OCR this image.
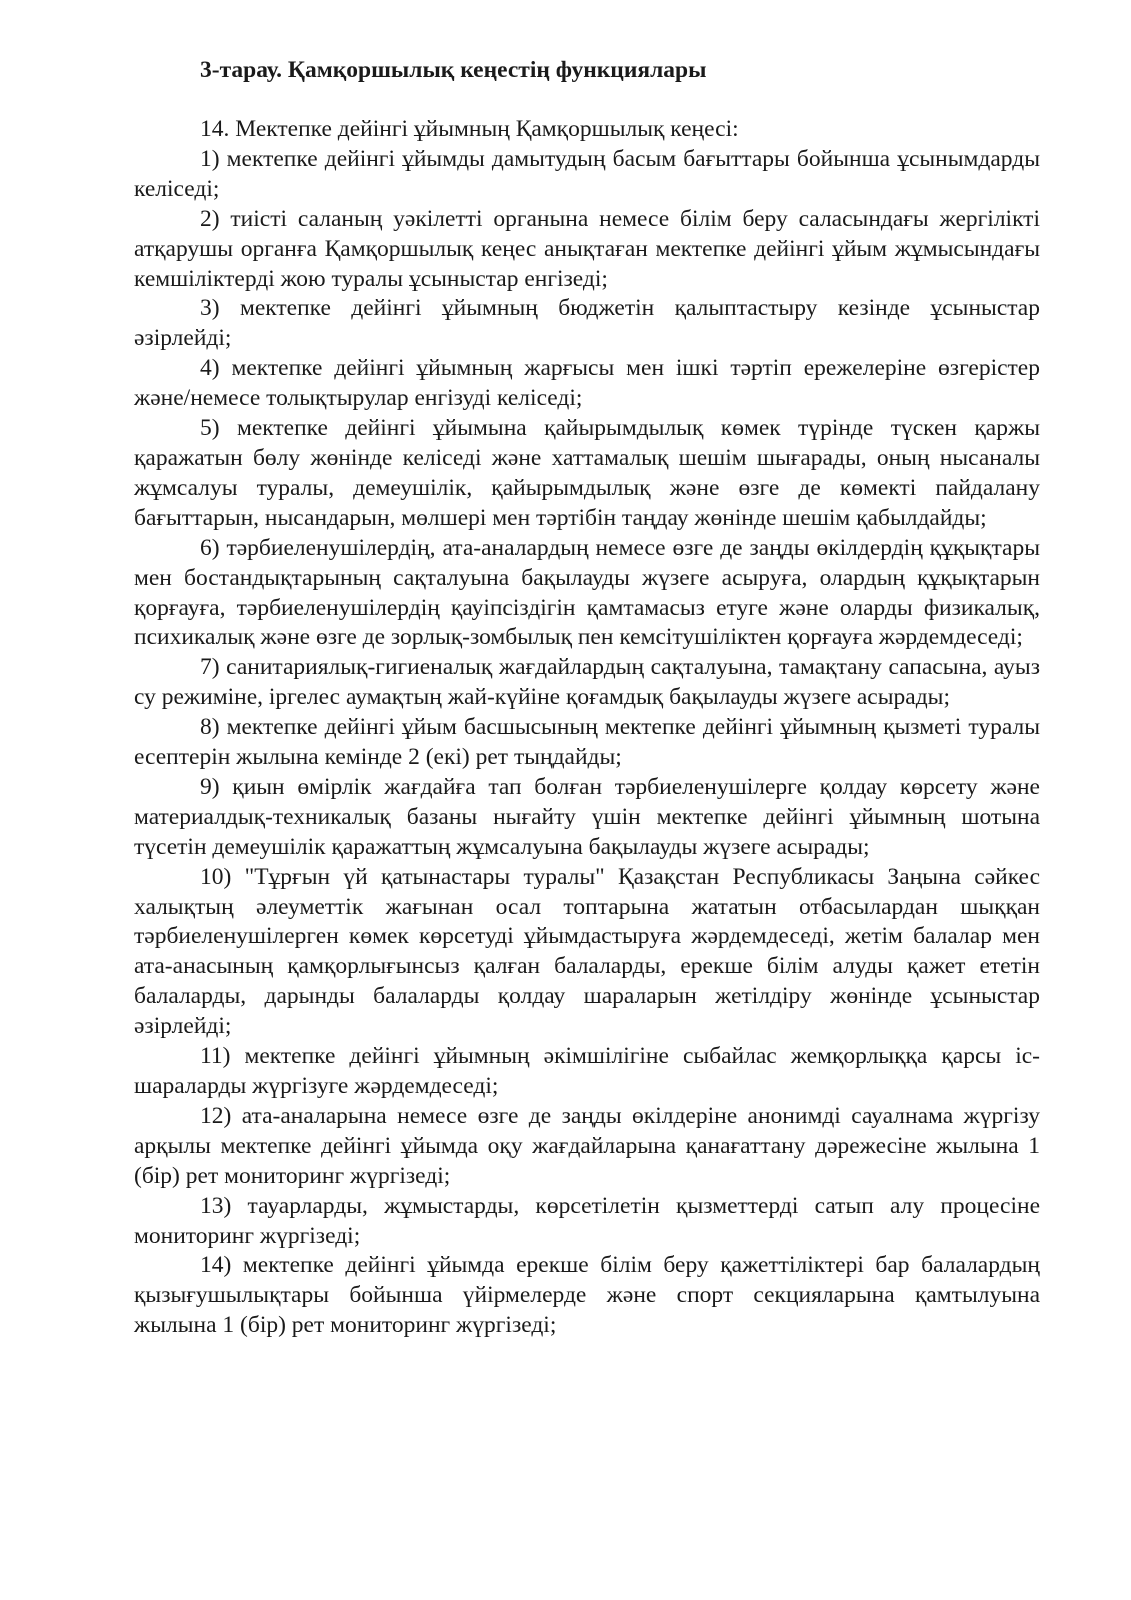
3-тарау. Қамқоршылық кеңестің функциялары

14. Мектепке дейінгі ұйымның Қамқоршылық кеңесі:

1) мектепке дейінгі ұйымды дамытудың басым бағыттары бойынша ұсынымдарды келіседі;

2) тиісті саланың уәкілетті органына немесе білім беру саласындағы жергілікті атқарушы органға Қамқоршылық кеңес анықтаған мектепке дейінгі ұйым жұмысындағы кемшіліктерді жою туралы ұсыныстар енгізеді;

3) мектепке дейінгі ұйымның бюджетін қалыптастыру кезінде ұсыныстар әзірлейді;

4) мектепке дейінгі ұйымның жарғысы мен ішкі тәртіп ережелеріне өзгерістер және/немесе толықтырулар енгізуді келіседі;

5) мектепке дейінгі ұйымына қайырымдылық көмек түрінде түскен қаржы қаражатын бөлу жөнінде келіседі және хаттамалық шешім шығарады, оның нысаналы жұмсалуы туралы, демеушілік, қайырымдылық және өзге де көмекті пайдалану бағыттарын, нысандарын, мөлшері мен тәртібін таңдау жөнінде шешім қабылдайды;

6) тәрбиеленушілердің, ата-аналардың немесе өзге де заңды өкілдердің құқықтары мен бостандықтарының сақталуына бақылауды жүзеге асыруға, олардың құқықтарын қорғауға, тәрбиеленушілердің қауіпсіздігін қамтамасыз етуге және оларды физикалық, психикалық және өзге де зорлық-зомбылық пен кемсітушіліктен қорғауға жәрдемдеседі;

7) санитариялық-гигиеналық жағдайлардың сақталуына, тамақтану сапасына, ауыз су режиміне, іргелес аумақтың жай-күйіне қоғамдық бақылауды жүзеге асырады;

8) мектепке дейінгі ұйым басшысының мектепке дейінгі ұйымның қызметі туралы есептерін жылына кемінде 2 (екі) рет тыңдайды;

9) қиын өмірлік жағдайға тап болған тәрбиеленушілерге қолдау көрсету және материалдық-техникалық базаны нығайту үшін мектепке дейінгі ұйымның шотына түсетін демеушілік қаражаттың жұмсалуына бақылауды жүзеге асырады;

10) "Тұрғын үй қатынастары туралы" Қазақстан Республикасы Заңына сәйкес халықтың әлеуметтік жағынан осал топтарына жататын отбасылардан шыққан тәрбиеленушілерген көмек көрсетуді ұйымдастыруға жәрдемдеседі, жетім балалар мен ата-анасының қамқорлығынсыз қалған балаларды, ерекше білім алуды қажет ететін балаларды, дарынды балаларды қолдау шараларын жетілдіру жөнінде ұсыныстар әзірлейді;

11) мектепке дейінгі ұйымның әкімшілігіне сыбайлас жемқорлыққа қарсы іс-шараларды жүргізуге жәрдемдеседі;

12) ата-аналарына немесе өзге де заңды өкілдеріне анонимді сауалнама жүргізу арқылы мектепке дейінгі ұйымда оқу жағдайларына қанағаттану дәрежесіне жылына 1 (бір) рет мониторинг жүргізеді;

13) тауарларды, жұмыстарды, көрсетілетін қызметтерді сатып алу процесіне мониторинг жүргізеді;

14) мектепке дейінгі ұйымда ерекше білім беру қажеттіліктері бар балалардың қызығушылықтары бойынша үйірмелерде және спорт секцияларына қамтылуына жылына 1 (бір) рет мониторинг жүргізеді;
